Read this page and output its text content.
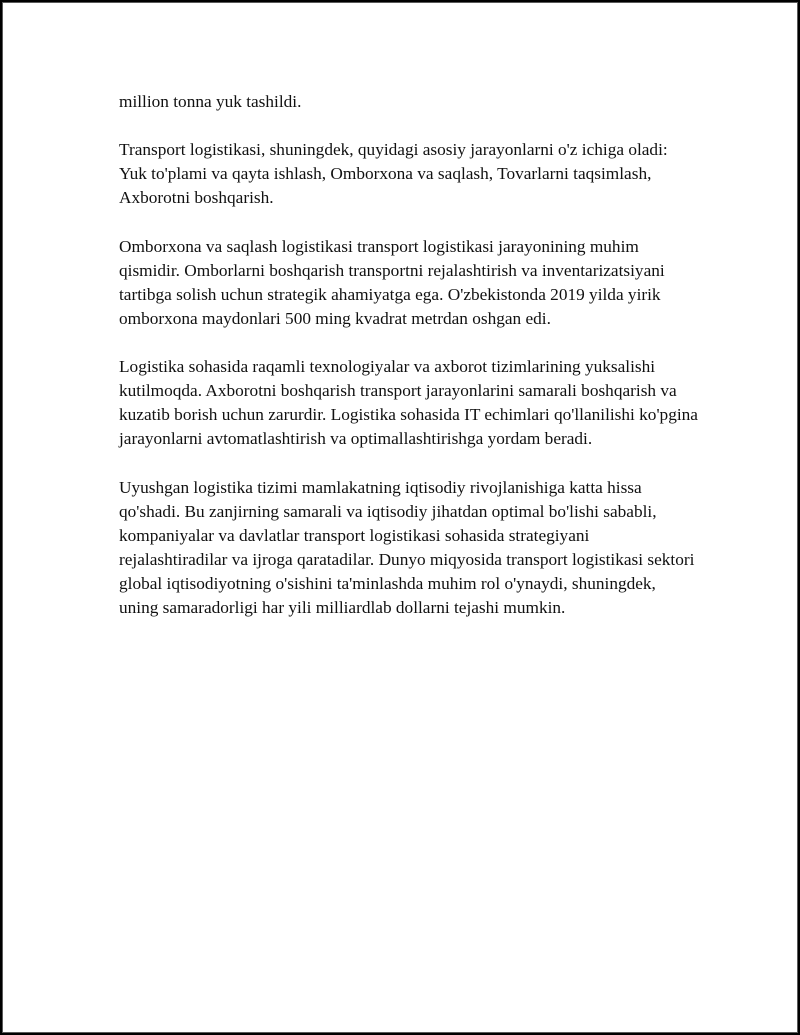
million tonna yuk tashildi.

Transport logistikasi, shuningdek, quyidagi asosiy jarayonlarni o'z ichiga oladi: Yuk to'plami va qayta ishlash, Omborxona va saqlash, Tovarlarni taqsimlash, Axborotni boshqarish.

Omborxona va saqlash logistikasi transport logistikasi jarayonining muhim qismidir. Omborlarni boshqarish transportni rejalashtirish va inventarizatsiyani tartibga solish uchun strategik ahamiyatga ega. O'zbekistonda 2019 yilda yirik omborxona maydonlari 500 ming kvadrat metrdan oshgan edi.

Logistika sohasida raqamli texnologiyalar va axborot tizimlarining yuksalishi kutilmoqda. Axborotni boshqarish transport jarayonlarini samarali boshqarish va kuzatib borish uchun zarurdir. Logistika sohasida IT echimlari qo'llanilishi ko'pgina jarayonlarni avtomatlashtirish va optimallashtirishga yordam beradi.

Uyushgan logistika tizimi mamlakatning iqtisodiy rivojlanishiga katta hissa qo'shadi. Bu zanjirning samarali va iqtisodiy jihatdan optimal bo'lishi sababli, kompaniyalar va davlatlar transport logistikasi sohasida strategiyani rejalashtiradilar va ijroga qaratadilar. Dunyo miqyosida transport logistikasi sektori global iqtisodiyotning o'sishini ta'minlashda muhim rol o'ynaydi, shuningdek, uning samaradorligi har yili milliardlab dollarni tejashi mumkin.
